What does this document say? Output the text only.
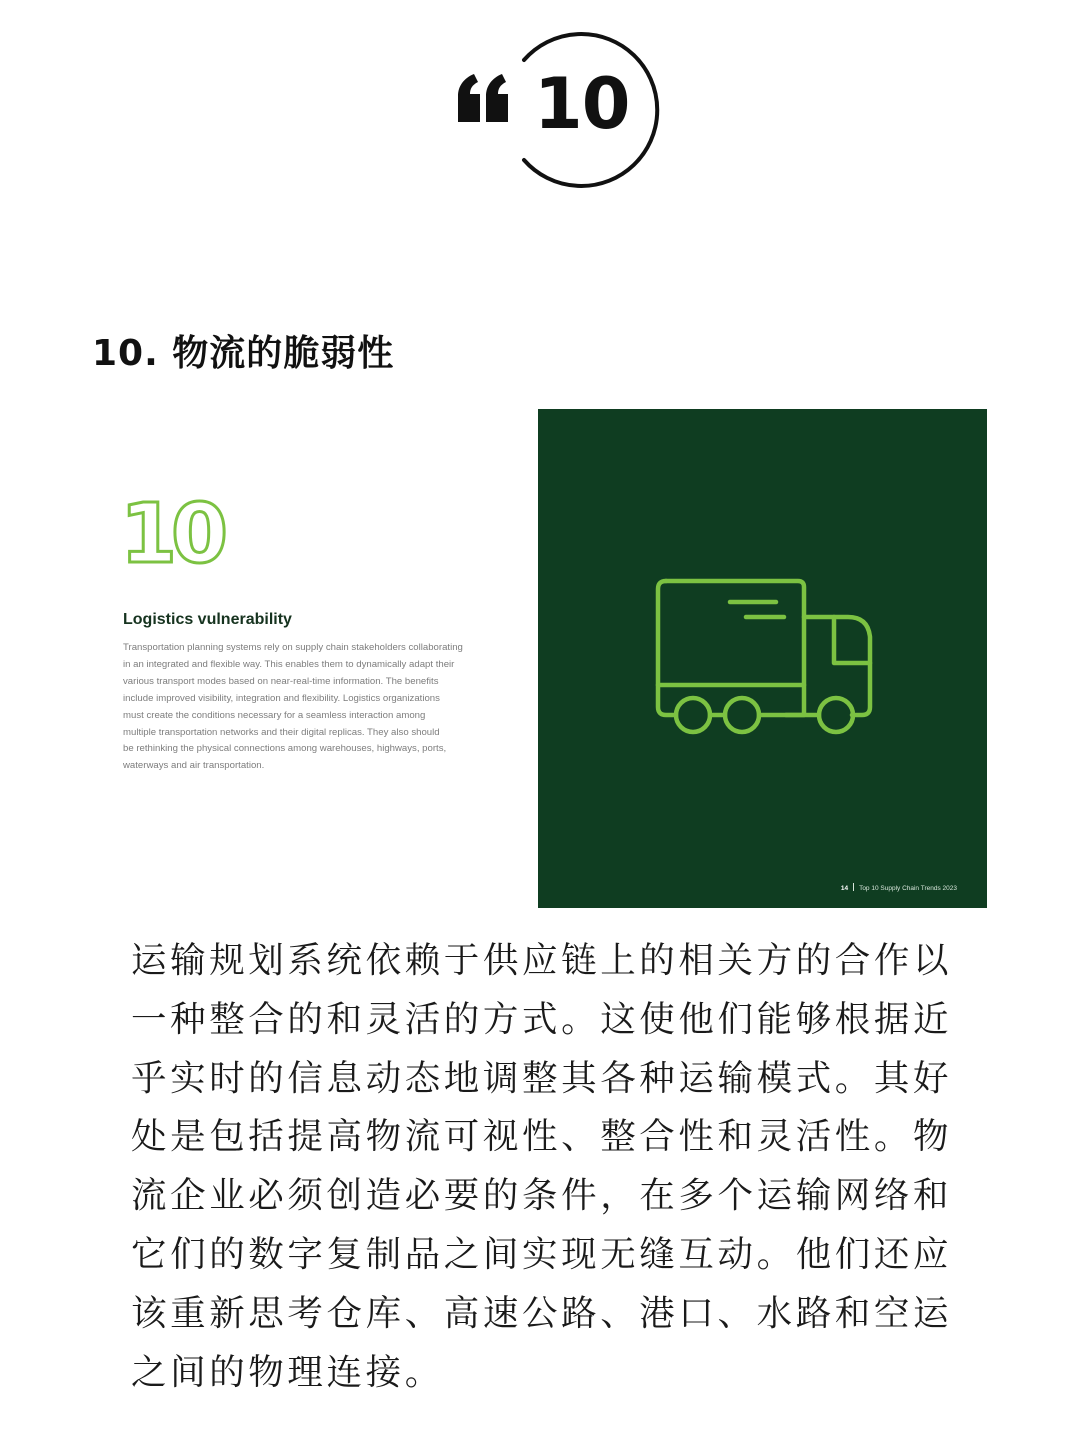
10
10. 物流的脆弱性
10
Logistics vulnerability
Transportation planning systems rely on supply chain stakeholders collaborating
in an integrated and flexible way. This enables them to dynamically adapt their
various transport modes based on near-real-time information. The benefits
include improved visibility, integration and flexibility. Logistics organizations
must create the conditions necessary for a seamless interaction among
multiple transportation networks and their digital replicas. They also should
be rethinking the physical connections among warehouses, highways, ports,
waterways and air transportation.
14 Top 10 Supply Chain Trends 2023
运输规划系统依赖于供应链上的相关方的合作以
一种整合的和灵活的方式。这使他们能够根据近
乎实时的信息动态地调整其各种运输模式。其好
处是包括提高物流可视性、整合性和灵活性。物
流企业必须创造必要的条件，在多个运输网络和
它们的数字复制品之间实现无缝互动。他们还应
该重新思考仓库、高速公路、港口、水路和空运
之间的物理连接。
